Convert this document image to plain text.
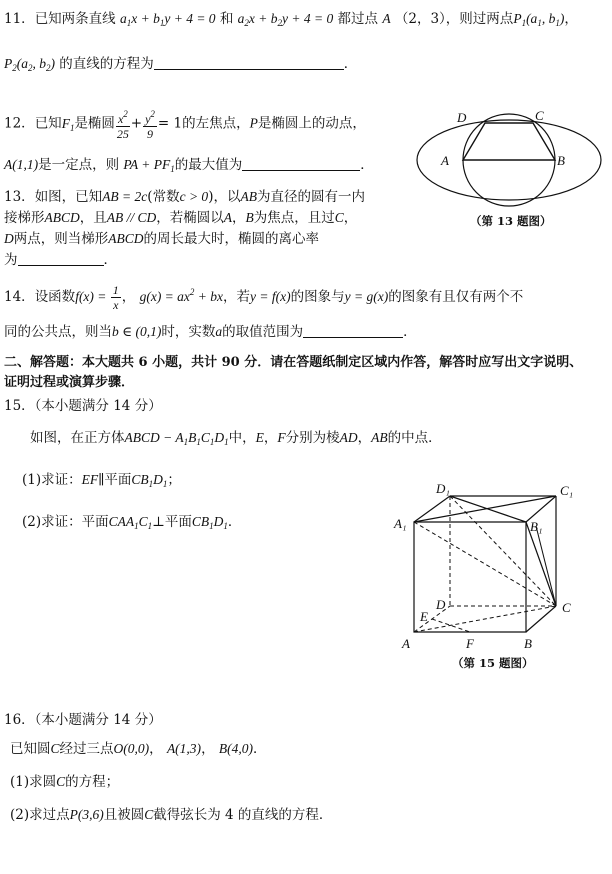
11．已知两条直线 $a_1x + b_1y + 4 = 0$ 和 $a_2x + b_2y + 4 = 0$ 都过点 A （2，3），则过两点$P_1(a_1$, $b_1$)，
$P_2(a_2$, $b_2$) 的直线的方程为	．
12．已知$F_1$是椭圆 $\frac{x^2}{25} + \frac{y^2}{9} = 1$的左焦点，P是椭圆上的动点，
A(1,1)是一定点，则 PA + $PF_1$的最大值为	．
13．如图，已知AB = 2c(常数c > 0)，以AB为直径的圆有一内
接梯形ABCD，且AB // CD，若椭圆以A，B为焦点，且过C，
D两点，则当梯形ABCD的周长最大时，椭圆的离心率
为	．
D	C
A	B
（第 13 题图）
14．设函数$f(x) = \frac{1}{x}$ ， $g(x) = ax^2$ + bx，若y = f(x)的图象与y = g(x)的图象有且仅有两个不
同的公共点，则当b ∈ (0,1)时，实数a的取值范围为	．
二、解答题：本大题共 6 小题，共计 90 分．请在答题纸制定区域内作答，解答时应写出文字说明、
证明过程或演算步骤．
15．（本小题满分 14 分）
如图，在正方体ABCD − $A_1B_1C_1D_1$中，E，F分别为棱AD，AB的中点．
(1)求证：EF∥平面$CB_1D_1$；
(2)求证：平面$CAA_1C_1\perp$平面$CB_1D_1$．
D₁	C₁
A₁	B₁
D	C
E
A	F	B
（第 15 题图）
16．（本小题满分 14 分）
已知圆C经过三点O(0,0)， A(1,3)， B(4,0)．
(1)求圆C的方程；
(2)求过点P(3,6)且被圆C截得弦长为 4 的直线的方程．
